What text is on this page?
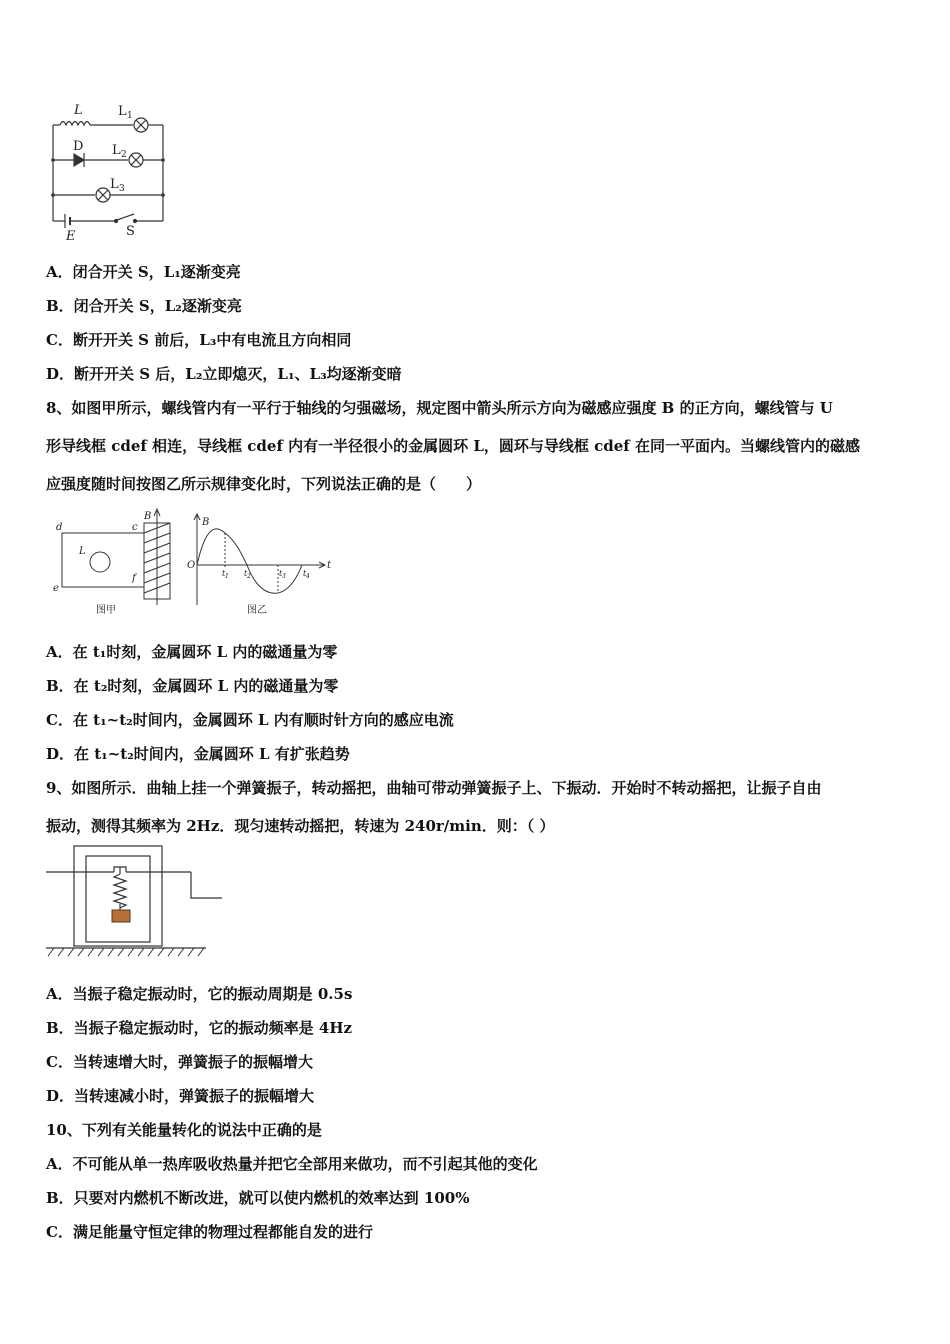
L	L 1
D L 2
L 3
E	S
A．闭合开关 S，L₁逐渐变亮
B．闭合开关 S，L₂逐渐变亮
C．断开开关 S 前后，L₃中有电流且方向相同
D．断开开关 S 后，L₂立即熄灭，L₁、L₃均逐渐变暗
8、如图甲所示，螺线管内有一平行于轴线的匀强磁场，规定图中箭头所示方向为磁感应强度 B 的正方向，螺线管与 U
形导线框 cdef 相连，导线框 cdef 内有一半径很小的金属圆环 L，圆环与导线框 cdef 在同一平面内。当螺线管内的磁感
应强度随时间按图乙所示规律变化时，下列说法正确的是（　　）
d	c
e
f
L
B
B
O	t
t 1 t 2	t 3 t 4
图甲	图乙
A．在 t₁时刻，金属圆环 L 内的磁通量为零
B．在 t₂时刻，金属圆环 L 内的磁通量为零
C．在 t₁~t₂时间内，金属圆环 L 内有顺时针方向的感应电流
D．在 t₁~t₂时间内，金属圆环 L 有扩张趋势
9、如图所示．曲轴上挂一个弹簧振子，转动摇把，曲轴可带动弹簧振子上、下振动．开始时不转动摇把，让振子自由
振动，测得其频率为 2Hz．现匀速转动摇把，转速为 240r/min．则：（ ）
A．当振子稳定振动时，它的振动周期是 0.5s
B．当振子稳定振动时，它的振动频率是 4Hz
C．当转速增大时，弹簧振子的振幅增大
D．当转速减小时，弹簧振子的振幅增大
10、下列有关能量转化的说法中正确的是
A．不可能从单一热库吸收热量并把它全部用来做功，而不引起其他的变化
B．只要对内燃机不断改进，就可以使内燃机的效率达到 100%
C．满足能量守恒定律的物理过程都能自发的进行
